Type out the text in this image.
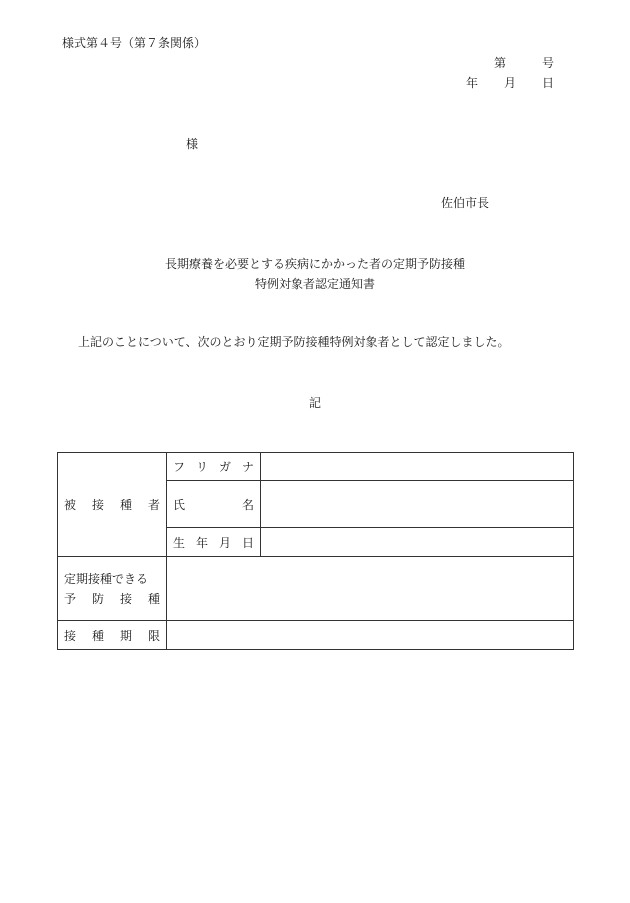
様式第４号（第７条関係）
第	号
年 月 日
様
佐伯市長
長期療養を必要とする疾病にかかった者の定期予防接種
特例対象者認定通知書
上記のことについて、次のとおり定期予防接種特例対象者として認定しました。
記
被 接 種 者	フ リ ガ ナ	

	氏 名	

	生 年 月 日	

定期接種できる
予 防 接 種		

接 種 期 限		
